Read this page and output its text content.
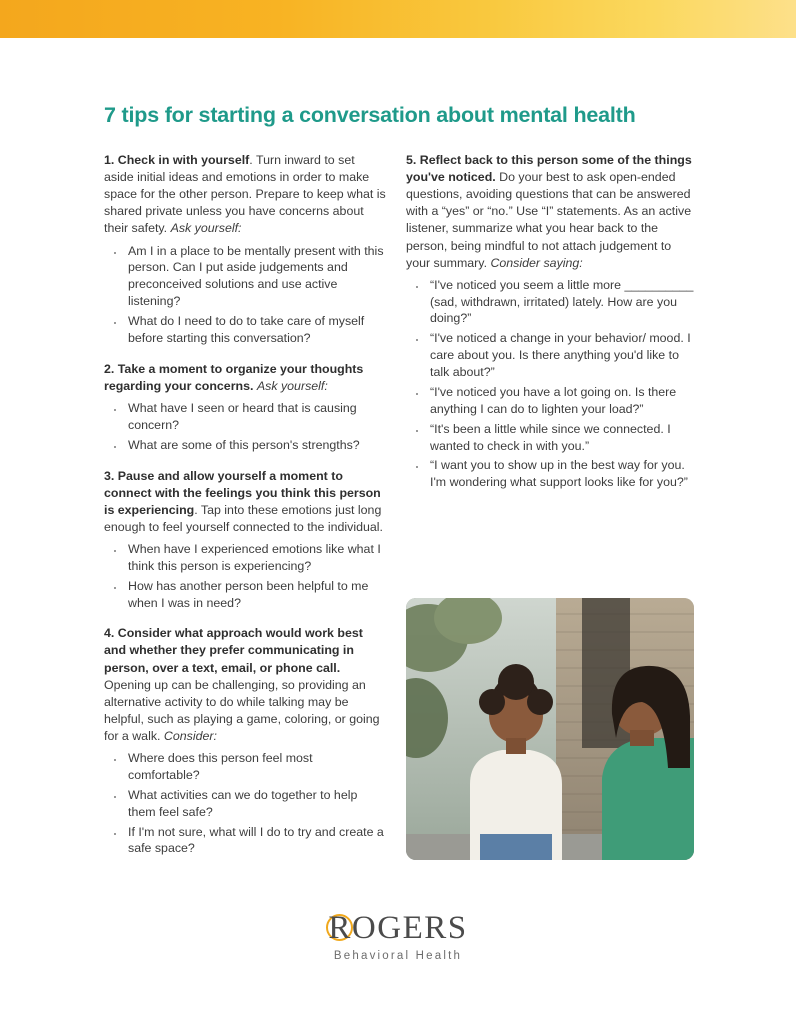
7 tips for starting a conversation about mental health

1. Check in with yourself. Turn inward to set aside initial ideas and emotions in order to make space for the other person. Prepare to keep what is shared private unless you have concerns about their safety. Ask yourself:

· Am I in a place to be mentally present with this person. Can I put aside judgements and preconceived solutions and use active listening?
· What do I need to do to take care of myself before starting this conversation?

2. Take a moment to organize your thoughts regarding your concerns. Ask yourself:

· What have I seen or heard that is causing concern?
· What are some of this person's strengths?

3. Pause and allow yourself a moment to connect with the feelings you think this person is experiencing. Tap into these emotions just long enough to feel yourself connected to the individual.

· When have I experienced emotions like what I think this person is experiencing?
· How has another person been helpful to me when I was in need?

4. Consider what approach would work best and whether they prefer communicating in person, over a text, email, or phone call. Opening up can be challenging, so providing an alternative activity to do while talking may be helpful, such as playing a game, coloring, or going for a walk. Consider:

· Where does this person feel most comfortable?
· What activities can we do together to help them feel safe?
· If I'm not sure, what will I do to try and create a safe space?

5. Reflect back to this person some of the things you've noticed. Do your best to ask open-ended questions, avoiding questions that can be answered with a “yes” or “no.” Use “I” statements. As an active listener, summarize what you hear back to the person, being mindful to not attach judgement to your summary. Consider saying:

· “I've noticed you seem a little more __________ (sad, withdrawn, irritated) lately. How are you doing?”
· “I've noticed a change in your behavior/ mood. I care about you. Is there anything you'd like to talk about?”
· “I've noticed you have a lot going on. Is there anything I can do to lighten your load?”
· “It's been a little while since we connected. I wanted to check in with you.”
· “I want you to show up in the best way for you. I'm wondering what support looks like for you?”
ROGERS
Behavioral Health
